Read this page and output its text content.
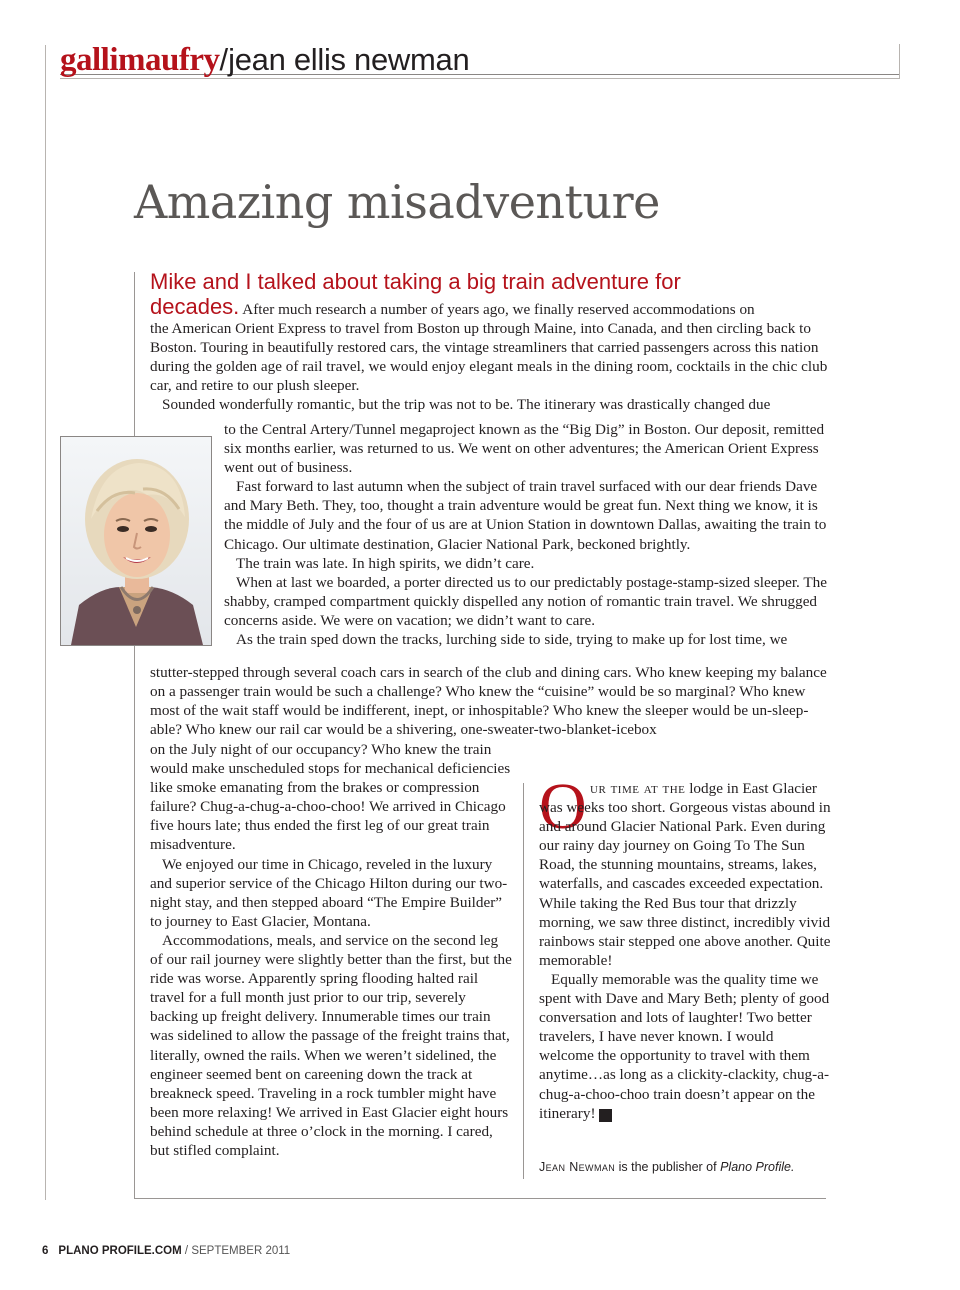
gallimaufry/jean ellis newman
Amazing misadventure
Mike and I talked about taking a big train adventure for

decades. After much research a number of years ago, we finally reserved accommodations on

the American Orient Express to travel from Boston up through Maine, into Canada, and then circling back to Boston. Touring in beautifully restored cars, the vintage streamliners that carried passengers across this nation during the golden age of rail travel, we would enjoy elegant meals in the dining room, cocktails in the chic club car, and retire to our plush sleeper.

Sounded wonderfully romantic, but the trip was not to be. The itinerary was drastically changed due

to the Central Artery/Tunnel megaproject known as the “Big Dig” in Boston. Our deposit, remitted six months earlier, was returned to us. We went on other adventures; the American Orient Express went out of business.

Fast forward to last autumn when the subject of train travel surfaced with our dear friends Dave and Mary Beth. They, too, thought a train adventure would be great fun. Next thing we know, it is the middle of July and the four of us are at Union Station in downtown Dallas, awaiting the train to Chicago. Our ultimate destination, Glacier National Park, beckoned brightly.

The train was late. In high spirits, we didn’t care.

When at last we boarded, a porter directed us to our predictably postage-stamp-sized sleeper. The shabby, cramped compartment quickly dispelled any notion of romantic train travel. We shrugged concerns aside. We were on vacation; we didn’t want to care.

As the train sped down the tracks, lurching side to side, trying to make up for lost time, we

stutter-stepped through several coach cars in search of the club and dining cars. Who knew keeping my balance on a passenger train would be such a challenge? Who knew the “cuisine” would be so marginal? Who knew most of the wait staff would be indifferent, inept, or inhospitable? Who knew the sleeper would be un-sleep-able? Who knew our rail car would be a shivering, one-sweater-two-blanket-icebox

on the July night of our occupancy? Who knew the train would make unscheduled stops for mechanical deficiencies like smoke emanating from the brakes or compression failure? Chug-a-chug-a-choo-choo! We arrived in Chicago five hours late; thus ended the first leg of our great train misadventure.

We enjoyed our time in Chicago, reveled in the luxury and superior service of the Chicago Hilton during our two-night stay, and then stepped aboard “The Empire Builder” to journey to East Glacier, Montana.

Accommodations, meals, and service on the second leg of our rail journey were slightly better than the first, but the ride was worse. Apparently spring flooding halted rail travel for a full month just prior to our trip, severely backing up freight delivery. Innumerable times our train was sidelined to allow the passage of the freight trains that, literally, owned the rails. When we weren’t sidelined, the engineer seemed bent on careening down the track at breakneck speed. Traveling in a rock tumbler might have been more relaxing! We arrived in East Glacier eight hours behind schedule at three o’clock in the morning. I cared, but stifled complaint.

O ur time at the lodge in East Glacier was weeks too short. Gorgeous vistas abound in and around Glacier National Park. Even during our rainy day journey on Going To The Sun Road, the stunning mountains, streams, lakes, waterfalls, and cascades exceeded expectation. While taking the Red Bus tour that drizzly morning, we saw three distinct, incredibly vivid rainbows stair stepped one above another. Quite memorable!

Equally memorable was the quality time we spent with Dave and Mary Beth; plenty of good conversation and lots of laughter! Two better travelers, I have never known. I would welcome the opportunity to travel with them anytime…as long as a clickity-clackity, chug-a-chug-a-choo-choo train doesn’t appear on the itinerary! p

Jean Newman is the publisher of Plano Profile.
6 PLANO PROFILE.COM / SEPTEMBER 2011
